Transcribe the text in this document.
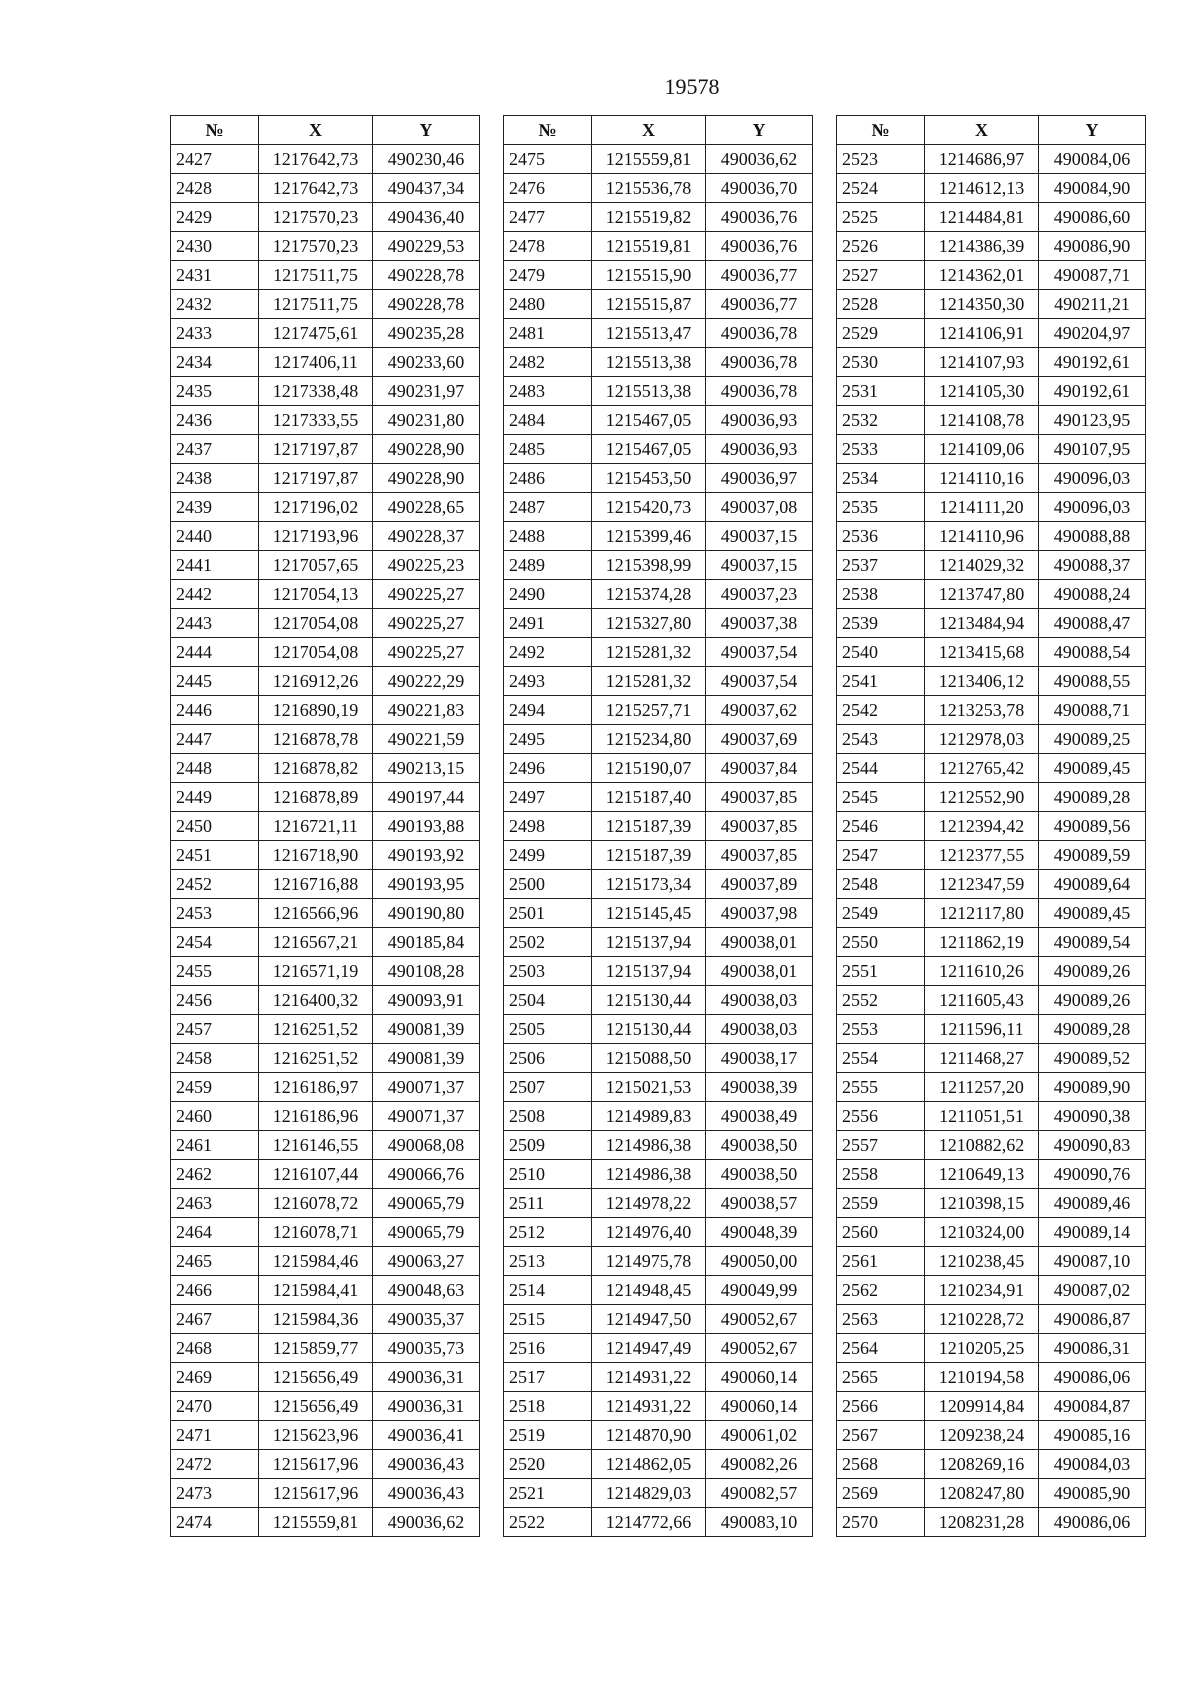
19578
№	X	Y
2427	1217642,73	490230,46
2428	1217642,73	490437,34
2429	1217570,23	490436,40
2430	1217570,23	490229,53
2431	1217511,75	490228,78
2432	1217511,75	490228,78
2433	1217475,61	490235,28
2434	1217406,11	490233,60
2435	1217338,48	490231,97
2436	1217333,55	490231,80
2437	1217197,87	490228,90
2438	1217197,87	490228,90
2439	1217196,02	490228,65
2440	1217193,96	490228,37
2441	1217057,65	490225,23
2442	1217054,13	490225,27
2443	1217054,08	490225,27
2444	1217054,08	490225,27
2445	1216912,26	490222,29
2446	1216890,19	490221,83
2447	1216878,78	490221,59
2448	1216878,82	490213,15
2449	1216878,89	490197,44
2450	1216721,11	490193,88
2451	1216718,90	490193,92
2452	1216716,88	490193,95
2453	1216566,96	490190,80
2454	1216567,21	490185,84
2455	1216571,19	490108,28
2456	1216400,32	490093,91
2457	1216251,52	490081,39
2458	1216251,52	490081,39
2459	1216186,97	490071,37
2460	1216186,96	490071,37
2461	1216146,55	490068,08
2462	1216107,44	490066,76
2463	1216078,72	490065,79
2464	1216078,71	490065,79
2465	1215984,46	490063,27
2466	1215984,41	490048,63
2467	1215984,36	490035,37
2468	1215859,77	490035,73
2469	1215656,49	490036,31
2470	1215656,49	490036,31
2471	1215623,96	490036,41
2472	1215617,96	490036,43
2473	1215617,96	490036,43
2474	1215559,81	490036,62
№	X	Y
2475	1215559,81	490036,62
2476	1215536,78	490036,70
2477	1215519,82	490036,76
2478	1215519,81	490036,76
2479	1215515,90	490036,77
2480	1215515,87	490036,77
2481	1215513,47	490036,78
2482	1215513,38	490036,78
2483	1215513,38	490036,78
2484	1215467,05	490036,93
2485	1215467,05	490036,93
2486	1215453,50	490036,97
2487	1215420,73	490037,08
2488	1215399,46	490037,15
2489	1215398,99	490037,15
2490	1215374,28	490037,23
2491	1215327,80	490037,38
2492	1215281,32	490037,54
2493	1215281,32	490037,54
2494	1215257,71	490037,62
2495	1215234,80	490037,69
2496	1215190,07	490037,84
2497	1215187,40	490037,85
2498	1215187,39	490037,85
2499	1215187,39	490037,85
2500	1215173,34	490037,89
2501	1215145,45	490037,98
2502	1215137,94	490038,01
2503	1215137,94	490038,01
2504	1215130,44	490038,03
2505	1215130,44	490038,03
2506	1215088,50	490038,17
2507	1215021,53	490038,39
2508	1214989,83	490038,49
2509	1214986,38	490038,50
2510	1214986,38	490038,50
2511	1214978,22	490038,57
2512	1214976,40	490048,39
2513	1214975,78	490050,00
2514	1214948,45	490049,99
2515	1214947,50	490052,67
2516	1214947,49	490052,67
2517	1214931,22	490060,14
2518	1214931,22	490060,14
2519	1214870,90	490061,02
2520	1214862,05	490082,26
2521	1214829,03	490082,57
2522	1214772,66	490083,10
№	X	Y
2523	1214686,97	490084,06
2524	1214612,13	490084,90
2525	1214484,81	490086,60
2526	1214386,39	490086,90
2527	1214362,01	490087,71
2528	1214350,30	490211,21
2529	1214106,91	490204,97
2530	1214107,93	490192,61
2531	1214105,30	490192,61
2532	1214108,78	490123,95
2533	1214109,06	490107,95
2534	1214110,16	490096,03
2535	1214111,20	490096,03
2536	1214110,96	490088,88
2537	1214029,32	490088,37
2538	1213747,80	490088,24
2539	1213484,94	490088,47
2540	1213415,68	490088,54
2541	1213406,12	490088,55
2542	1213253,78	490088,71
2543	1212978,03	490089,25
2544	1212765,42	490089,45
2545	1212552,90	490089,28
2546	1212394,42	490089,56
2547	1212377,55	490089,59
2548	1212347,59	490089,64
2549	1212117,80	490089,45
2550	1211862,19	490089,54
2551	1211610,26	490089,26
2552	1211605,43	490089,26
2553	1211596,11	490089,28
2554	1211468,27	490089,52
2555	1211257,20	490089,90
2556	1211051,51	490090,38
2557	1210882,62	490090,83
2558	1210649,13	490090,76
2559	1210398,15	490089,46
2560	1210324,00	490089,14
2561	1210238,45	490087,10
2562	1210234,91	490087,02
2563	1210228,72	490086,87
2564	1210205,25	490086,31
2565	1210194,58	490086,06
2566	1209914,84	490084,87
2567	1209238,24	490085,16
2568	1208269,16	490084,03
2569	1208247,80	490085,90
2570	1208231,28	490086,06
